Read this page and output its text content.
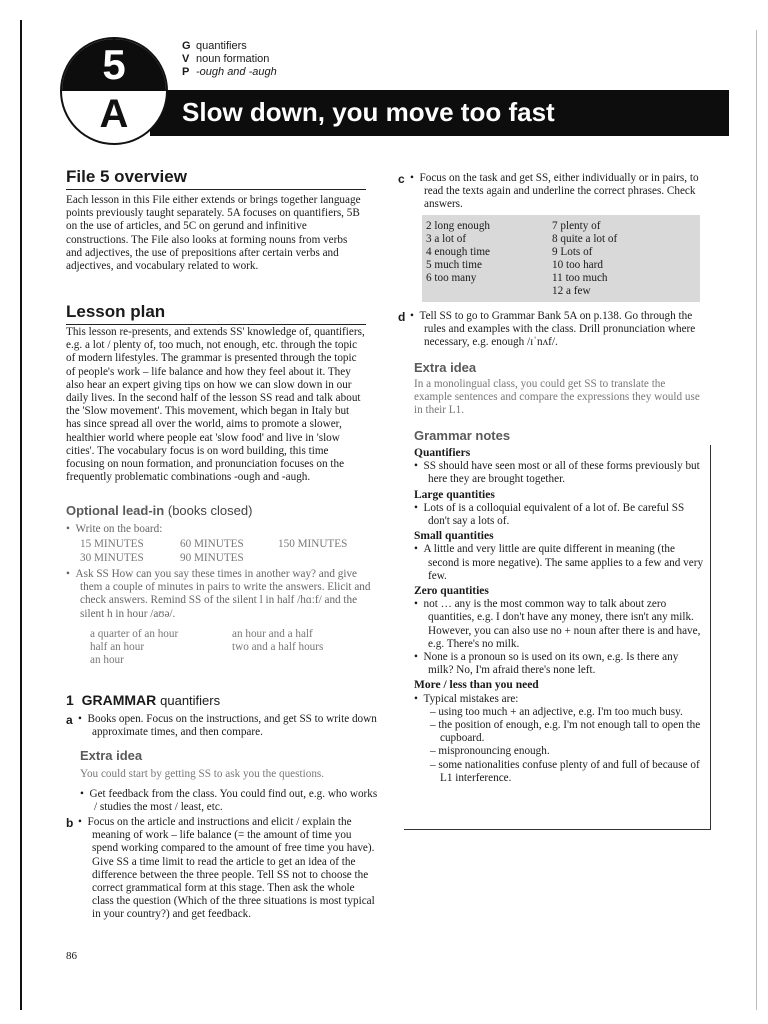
5
A	Slow down, you move too fast
G quantifiers
V noun formation
P -ough and -augh
File 5 overview
Each lesson in this File either extends or brings together language points previously taught separately. 5A focuses on quantifiers, 5B on the use of articles, and 5C on gerund and infinitive constructions. The File also looks at forming nouns from verbs and adjectives, the use of prepositions after certain verbs and adjectives, and vocabulary related to work.
Lesson plan
This lesson re-presents, and extends SS' knowledge of, quantifiers, e.g. a lot / plenty of, too much, not enough, etc. through the topic of modern lifestyles. The grammar is presented through the topic of people's work – life balance and how they feel about it. They also hear an expert giving tips on how we can slow down in our daily lives. In the second half of the lesson SS read and talk about the 'Slow movement'. This movement, which began in Italy but has since spread all over the world, aims to promote a slower, healthier world where people eat 'slow food' and live in 'slow cities'. The vocabulary focus is on word building, this time focusing on noun formation, and pronunciation focuses on the frequently problematic combinations -ough and -augh.
Optional lead-in (books closed)
•  Write on the board:
15 MINUTES	60 MINUTES	150 MINUTES
30 MINUTES	90 MINUTES
•  Ask SS How can you say these times in another way? and give them a couple of minutes in pairs to write the answers. Elicit and check answers. Remind SS of the silent l in half /hɑːf/ and the silent h in hour /aʊə/.
a quarter of an hour	an hour and a half
half an hour	two and a half hours
an hour
1 GRAMMAR quantifiers
a •  Books open. Focus on the instructions, and get SS to write down approximate times, and then compare.
Extra idea
You could start by getting SS to ask you the questions.
•  Get feedback from the class. You could find out, e.g. who works / studies the most / least, etc.
b •  Focus on the article and instructions and elicit / explain the meaning of work – life balance (= the amount of time you spend working compared to the amount of free time you have). Give SS a time limit to read the article to get an idea of the difference between the three people. Tell SS not to choose the correct grammatical form at this stage. Then ask the whole class the question (Which of the three situations is most typical in your country?) and get feedback.
86
c •  Focus on the task and get SS, either individually or in pairs, to read the texts again and underline the correct phrases. Check answers.
2 long enough
3 a lot of
4 enough time
5 much time
6 too many
7 plenty of
8 quite a lot of
9 Lots of
10 too hard
11 too much
12 a few
d •  Tell SS to go to Grammar Bank 5A on p.138. Go through the rules and examples with the class. Drill pronunciation where necessary, e.g. enough /ɪˈnʌf/.
Extra idea
In a monolingual class, you could get SS to translate the example sentences and compare the expressions they would use in their L1.
Grammar notes
Quantifiers
•  SS should have seen most or all of these forms previously but here they are brought together.
Large quantities
•  Lots of is a colloquial equivalent of a lot of. Be careful SS don't say a lots of.
Small quantities
•  A little and very little are quite different in meaning (the second is more negative). The same applies to a few and very few.
Zero quantities
•  not … any is the most common way to talk about zero quantities, e.g. I don't have any money, there isn't any milk.
However, you can also use no + noun after there is and have, e.g. There's no milk.
•  None is a pronoun so is used on its own, e.g. Is there any milk? No, I'm afraid there's none left.
More / less than you need
•  Typical mistakes are:
– using too much + an adjective, e.g. I'm too much busy.
– the position of enough, e.g. I'm not enough tall to open the cupboard.
– mispronouncing enough.
– some nationalities confuse plenty of and full of because of L1 interference.
